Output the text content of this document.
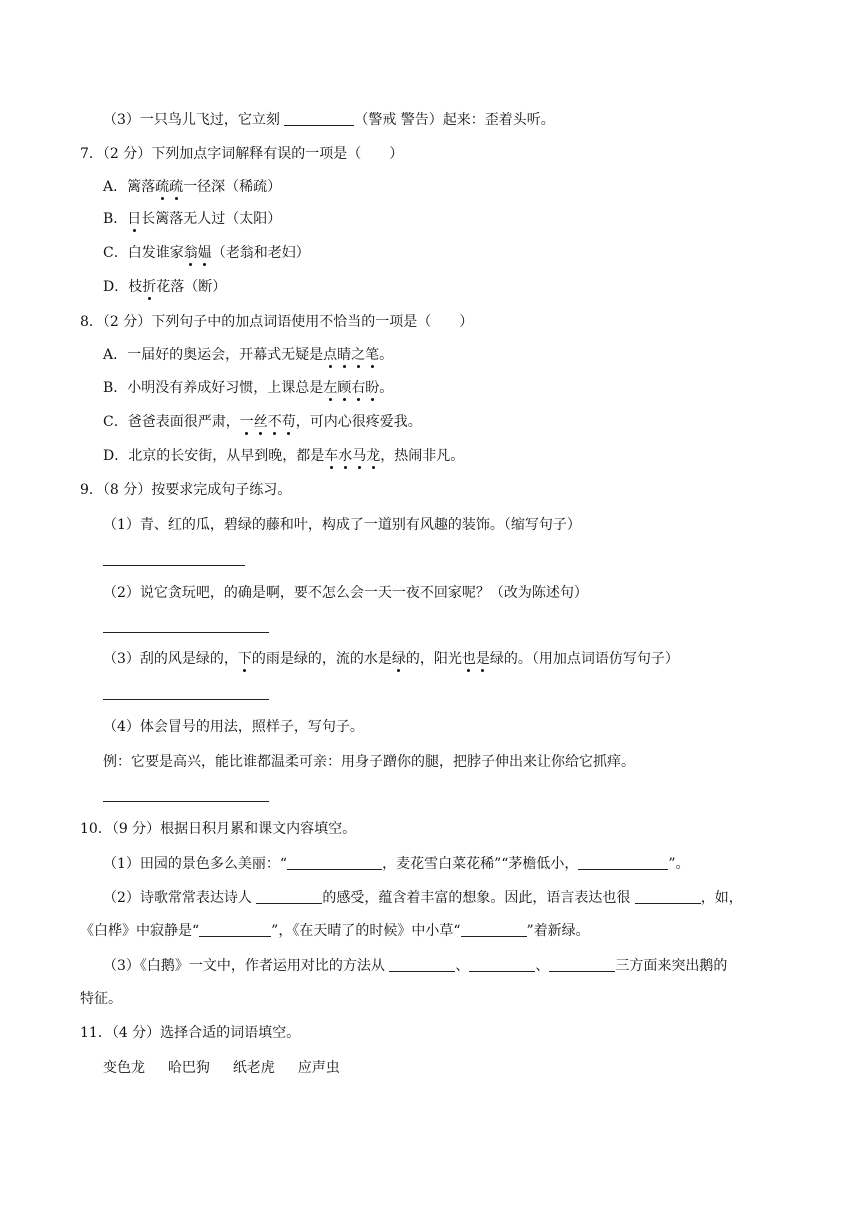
（3）一只鸟儿飞过，它立刻	（警戒 警告）起来：歪着头听。
7．（2 分）下列加点字词解释有误的一项是（　　）
A．篱落疏疏一径深（稀疏）
B．日长篱落无人过（太阳）
C．白发谁家翁媪（老翁和老妇）
D．枝折花落（断）
8．（2 分）下列句子中的加点词语使用不恰当的一项是（　　）
A．一届好的奥运会，开幕式无疑是点睛之笔。
B．小明没有养成好习惯，上课总是左顾右盼。
C．爸爸表面很严肃，一丝不苟，可内心很疼爱我。
D．北京的长安街，从早到晚，都是车水马龙，热闹非凡。
9．（8 分）按要求完成句子练习。
（1）青、红的瓜，碧绿的藤和叶，构成了一道别有风趣的装饰。（缩写句子）
（2）说它贪玩吧，的确是啊，要不怎么会一天一夜不回家呢？（改为陈述句）
（3）刮的风是绿的，下的雨是绿的，流的水是绿的，阳光也是绿的。（用加点词语仿写句子）
（4）体会冒号的用法，照样子，写句子。
例：它要是高兴，能比谁都温柔可亲：用身子蹭你的腿，把脖子伸出来让你给它抓痒。
10．（9 分）根据日积月累和课文内容填空。
（1）田园的景色多么美丽：“	，麦花雪白菜花稀”“茅檐低小，	”。
（2）诗歌常常表达诗人	的感受，蕴含着丰富的想象。因此，语言表达也很	，如，
《白桦》中寂静是“	”，《在天晴了的时候》中小草“	”着新绿。
（3）《白鹅》一文中，作者运用对比的方法从	、	、	三方面来突出鹅的
特征。
11．（4 分）选择合适的词语填空。
变色龙 哈巴狗 纸老虎 应声虫
